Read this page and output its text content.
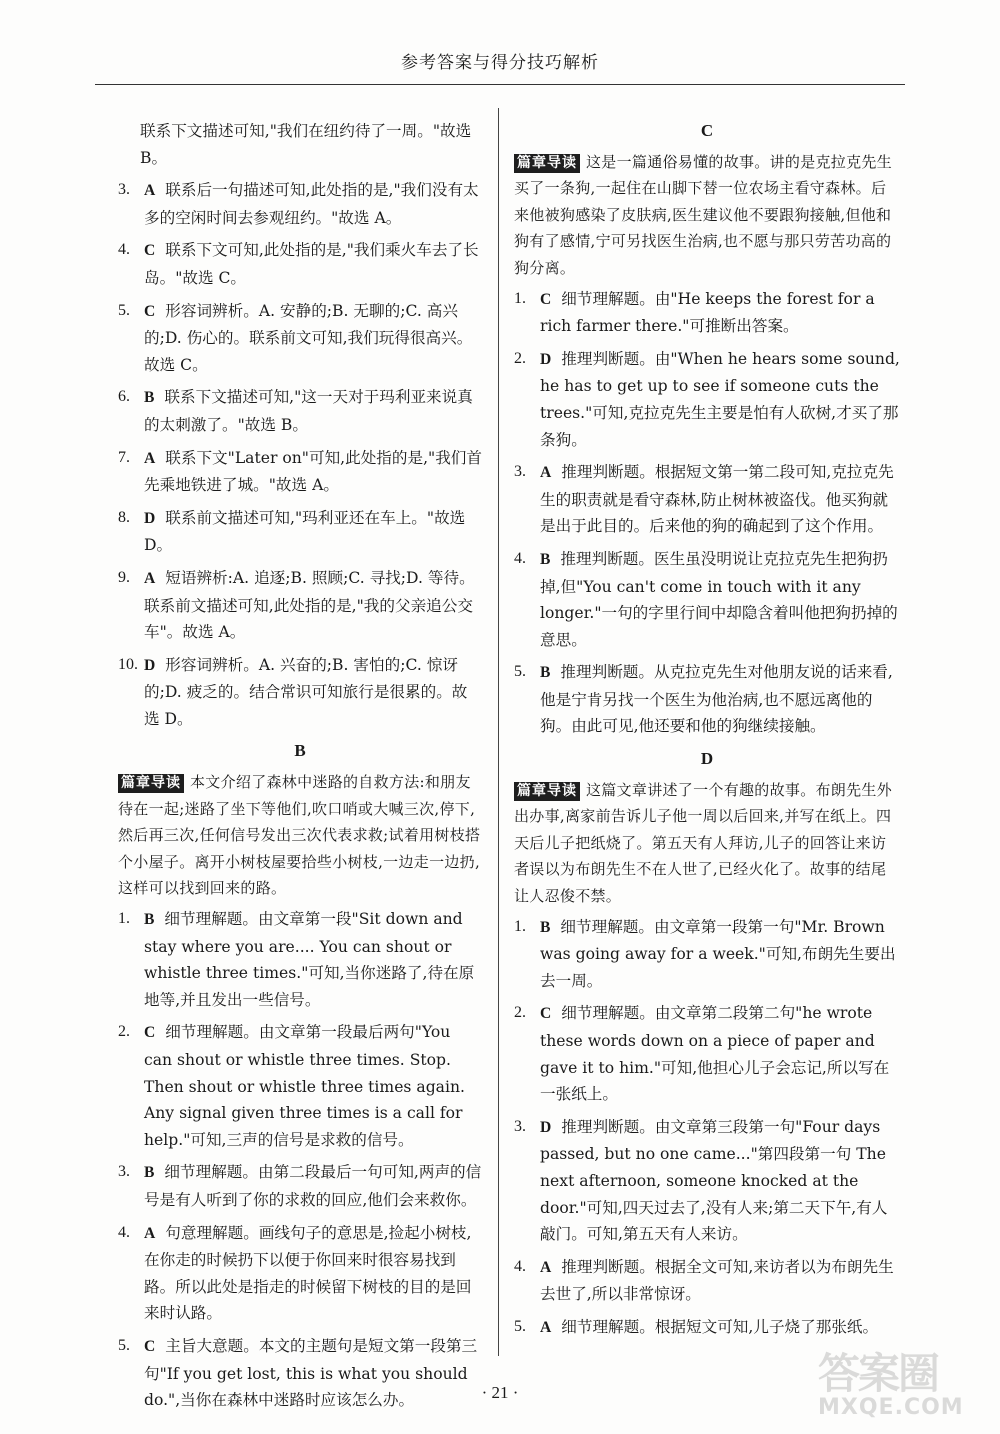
参考答案与得分技巧解析
联系下文描述可知,"我们在纽约待了一周。"故选 B。
3. A 联系后一句描述可知,此处指的是,"我们没有太多的空闲时间去参观纽约。"故选 A。
4. C 联系下文可知,此处指的是,"我们乘火车去了长岛。"故选 C。
5. C 形容词辨析。A. 安静的;B. 无聊的;C. 高兴的;D. 伤心的。联系前文可知,我们玩得很高兴。故选 C。
6. B 联系下文描述可知,"这一天对于玛利亚来说真的太刺激了。"故选 B。
7. A 联系下文"Later on"可知,此处指的是,"我们首先乘地铁进了城。"故选 A。
8. D 联系前文描述可知,"玛利亚还在车上。"故选 D。
9. A 短语辨析:A. 追逐;B. 照顾;C. 寻找;D. 等待。联系前文描述可知,此处指的是,"我的父亲追公交车"。故选 A。
10. D 形容词辨析。A. 兴奋的;B. 害怕的;C. 惊讶的;D. 疲乏的。结合常识可知旅行是很累的。故选 D。
B
篇章导读 本文介绍了森林中迷路的自救方法:和朋友待在一起;迷路了坐下等他们,吹口哨或大喊三次,停下,然后再三次,任何信号发出三次代表求救;试着用树枝搭个小屋子。离开小树枝屋要拾些小树枝,一边走一边扔,这样可以找到回来的路。
1. B 细节理解题。由文章第一段"Sit down and stay where you are.... You can shout or whistle three times."可知,当你迷路了,待在原地等,并且发出一些信号。
2. C 细节理解题。由文章第一段最后两句"You can shout or whistle three times. Stop. Then shout or whistle three times again. Any signal given three times is a call for help."可知,三声的信号是求救的信号。
3. B 细节理解题。由第二段最后一句可知,两声的信号是有人听到了你的求救的回应,他们会来救你。
4. A 句意理解题。画线句子的意思是,捡起小树枝,在你走的时候扔下以便于你回来时很容易找到路。所以此处是指走的时候留下树枝的目的是回来时认路。
5. C 主旨大意题。本文的主题句是短文第一段第三句"If you get lost, this is what you should do.",当你在森林中迷路时应该怎么办。
C
篇章导读 这是一篇通俗易懂的故事。讲的是克拉克先生买了一条狗,一起住在山脚下替一位农场主看守森林。后来他被狗感染了皮肤病,医生建议他不要跟狗接触,但他和狗有了感情,宁可另找医生治病,也不愿与那只劳苦功高的狗分离。
1. C 细节理解题。由"He keeps the forest for a rich farmer there."可推断出答案。
2. D 推理判断题。由"When he hears some sound, he has to get up to see if someone cuts the trees."可知,克拉克先生主要是怕有人砍树,才买了那条狗。
3. A 推理判断题。根据短文第一第二段可知,克拉克先生的职责就是看守森林,防止树林被盗伐。他买狗就是出于此目的。后来他的狗的确起到了这个作用。
4. B 推理判断题。医生虽没明说让克拉克先生把狗扔掉,但"You can't come in touch with it any longer."一句的字里行间中却隐含着叫他把狗扔掉的意思。
5. B 推理判断题。从克拉克先生对他朋友说的话来看,他是宁肯另找一个医生为他治病,也不愿远离他的狗。由此可见,他还要和他的狗继续接触。
D
篇章导读 这篇文章讲述了一个有趣的故事。布朗先生外出办事,离家前告诉儿子他一周以后回来,并写在纸上。四天后儿子把纸烧了。第五天有人拜访,儿子的回答让来访者误以为布朗先生不在人世了,已经火化了。故事的结尾让人忍俊不禁。
1. B 细节理解题。由文章第一段第一句"Mr. Brown was going away for a week."可知,布朗先生要出去一周。
2. C 细节理解题。由文章第二段第二句"he wrote these words down on a piece of paper and gave it to him."可知,他担心儿子会忘记,所以写在一张纸上。
3. D 推理判断题。由文章第三段第一句"Four days passed, but no one came..."第四段第一句 The next afternoon, someone knocked at the door."可知,四天过去了,没有人来;第二天下午,有人敲门。可知,第五天有人来访。
4. A 推理判断题。根据全文可知,来访者以为布朗先生去世了,所以非常惊讶。
5. A 细节理解题。根据短文可知,儿子烧了那张纸。
· 21 ·	答案圈
MXQE.COM
